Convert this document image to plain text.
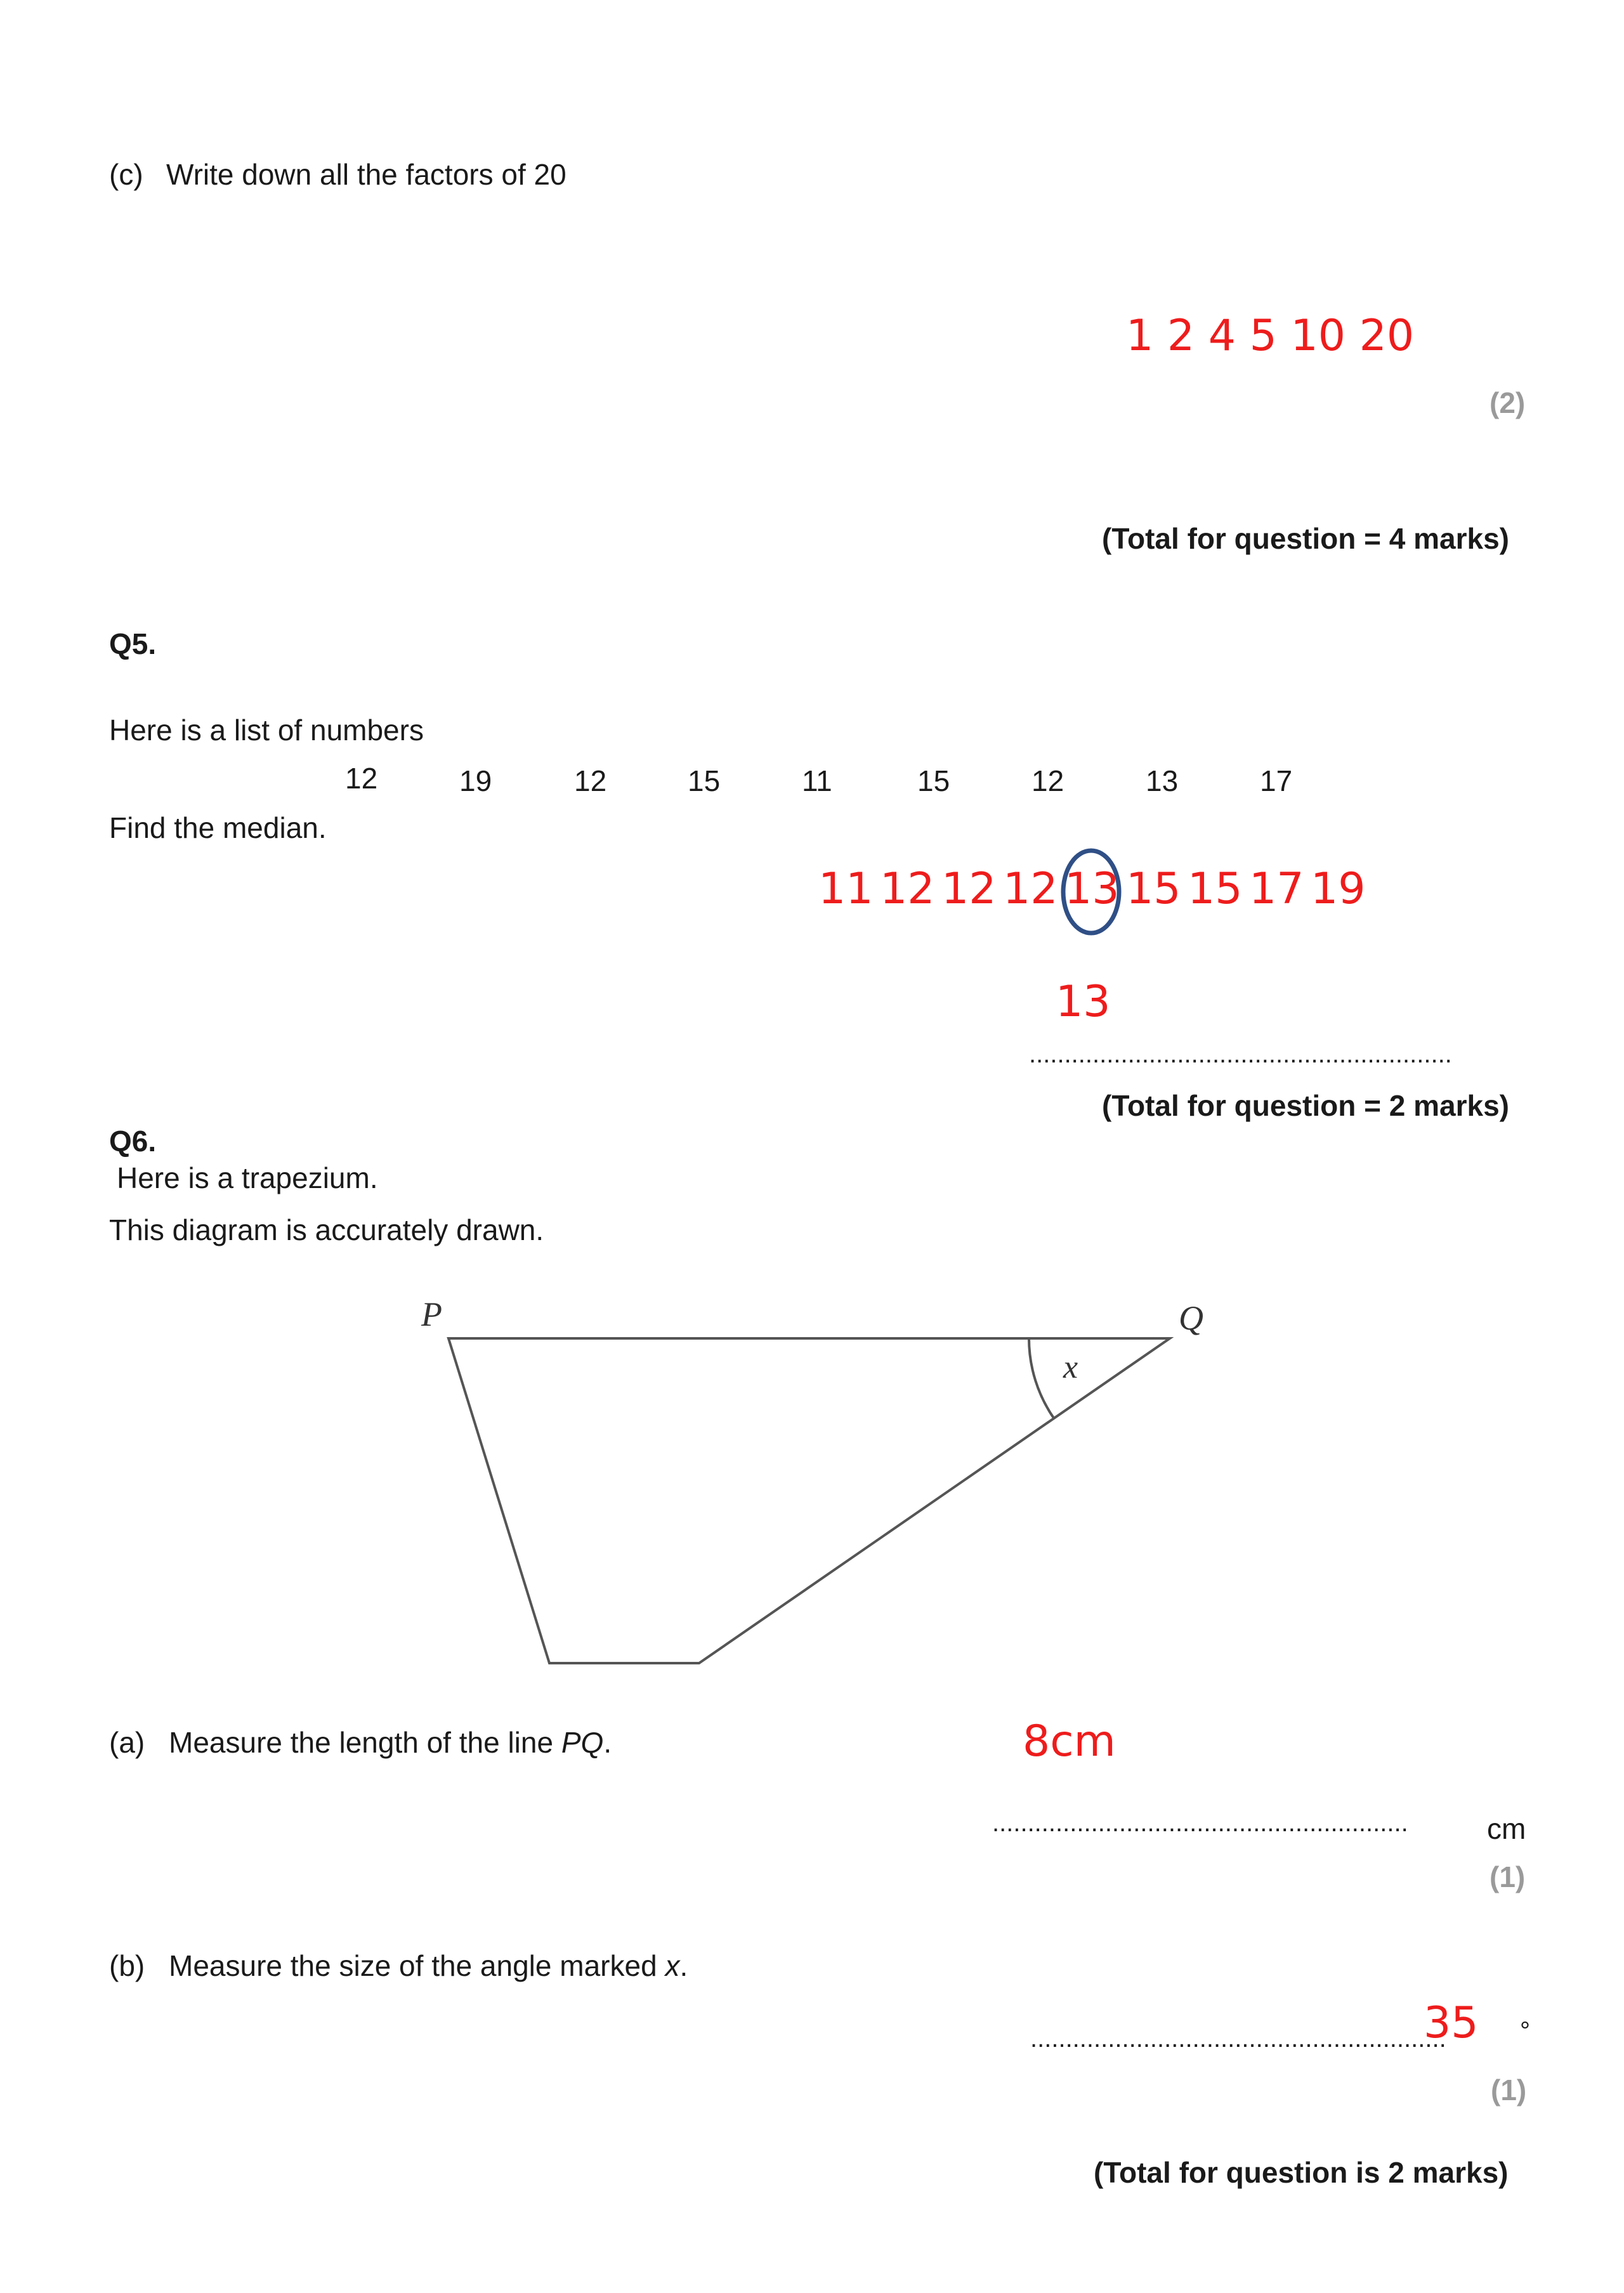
(c) Write down all the factors of 20
1 2 4 5 10 20
(2)
(Total for question = 4 marks)
Q5.
Here is a list of numbers
12	19	12	15	11	15	12	13	17
Find the median.
11 12 12 12 13 15 15 17 19
13
............................................................
(Total for question = 2 marks)
Q6.
Here is a trapezium.
This diagram is accurately drawn.
P	Q
x
(a) Measure the length of the line PQ.	8cm
...........................................................	cm
(1)
(b) Measure the size of the angle marked x.
35
...........................................................	°
(1)
(Total for question is 2 marks)
